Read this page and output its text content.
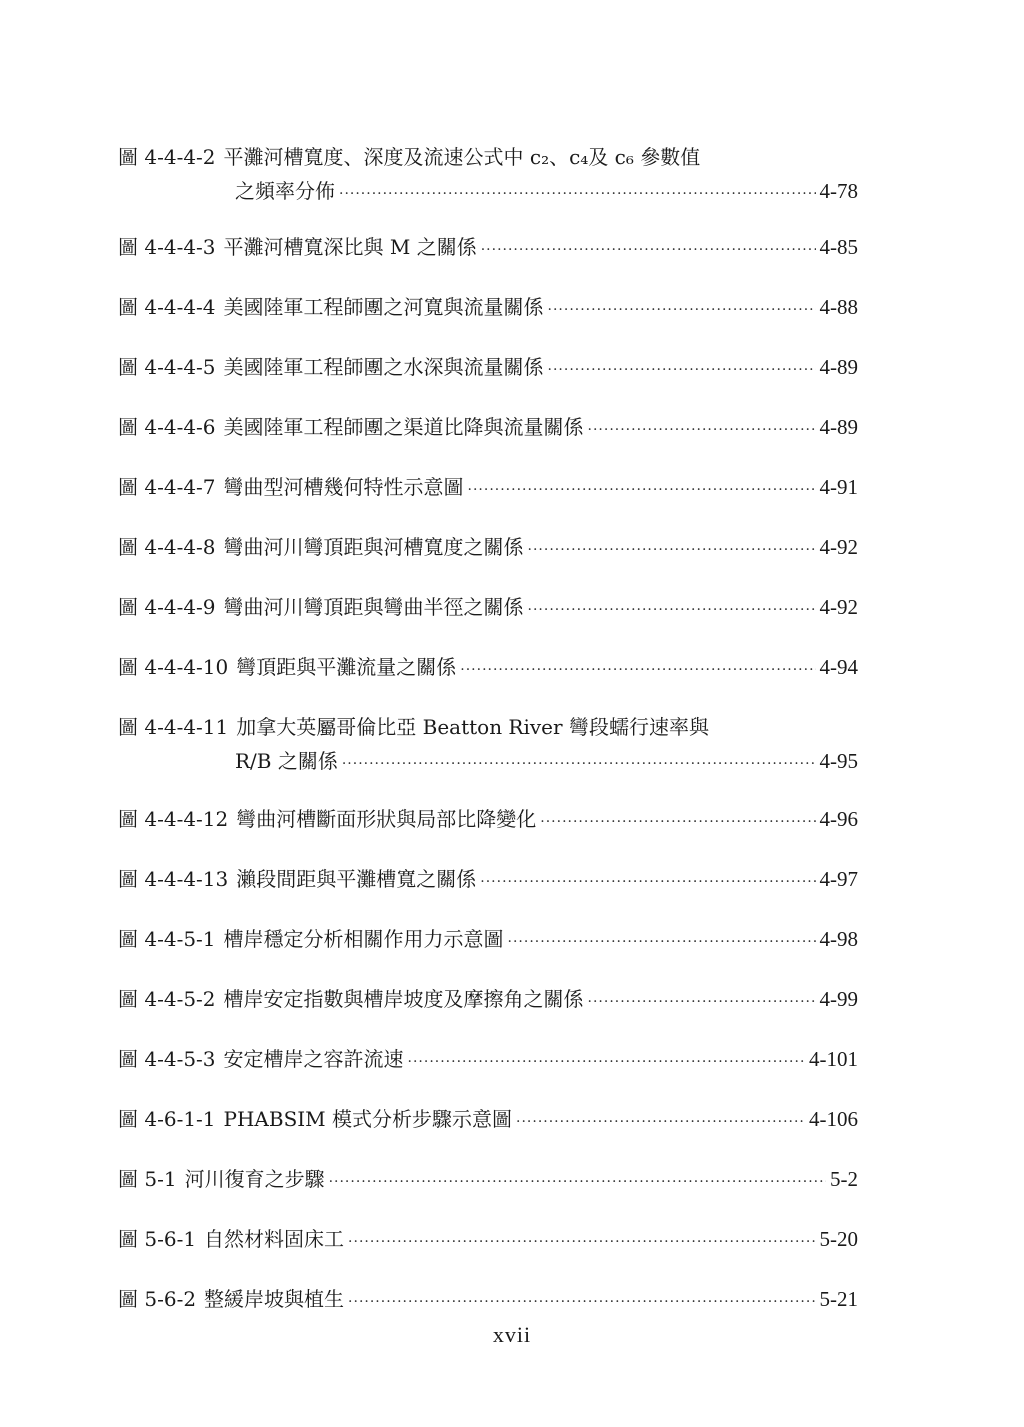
圖 4-4-4-2 平灘河槽寬度、深度及流速公式中 c₂、c₄及 c₆ 參數值
之頻率分佈 ·····	4-78
圖 4-4-4-3 平灘河槽寬深比與 M 之關係 ·····	4-85
圖 4-4-4-4 美國陸軍工程師團之河寬與流量關係 ·····	4-88
圖 4-4-4-5 美國陸軍工程師團之水深與流量關係 ·····	4-89
圖 4-4-4-6 美國陸軍工程師團之渠道比降與流量關係 ·····	4-89
圖 4-4-4-7 彎曲型河槽幾何特性示意圖 ·····	4-91
圖 4-4-4-8 彎曲河川彎頂距與河槽寬度之關係 ·····	4-92
圖 4-4-4-9 彎曲河川彎頂距與彎曲半徑之關係 ·····	4-92
圖 4-4-4-10 彎頂距與平灘流量之關係 ·····	4-94
圖 4-4-4-11 加拿大英屬哥倫比亞 Beatton River 彎段蠕行速率與
R/B 之關係 ·····	4-95
圖 4-4-4-12 彎曲河槽斷面形狀與局部比降變化 ·····	4-96
圖 4-4-4-13 瀨段間距與平灘槽寬之關係 ·····	4-97
圖 4-4-5-1 槽岸穩定分析相關作用力示意圖 ·····	4-98
圖 4-4-5-2 槽岸安定指數與槽岸坡度及摩擦角之關係 ·····	4-99
圖 4-4-5-3 安定槽岸之容許流速 ·····	4-101
圖 4-6-1-1 PHABSIM 模式分析步驟示意圖 ·····	4-106
圖 5-1 河川復育之步驟 ·····	5-2
圖 5-6-1 自然材料固床工 ·····	5-20
圖 5-6-2 整緩岸坡與植生 ·····	5-21
xvii
